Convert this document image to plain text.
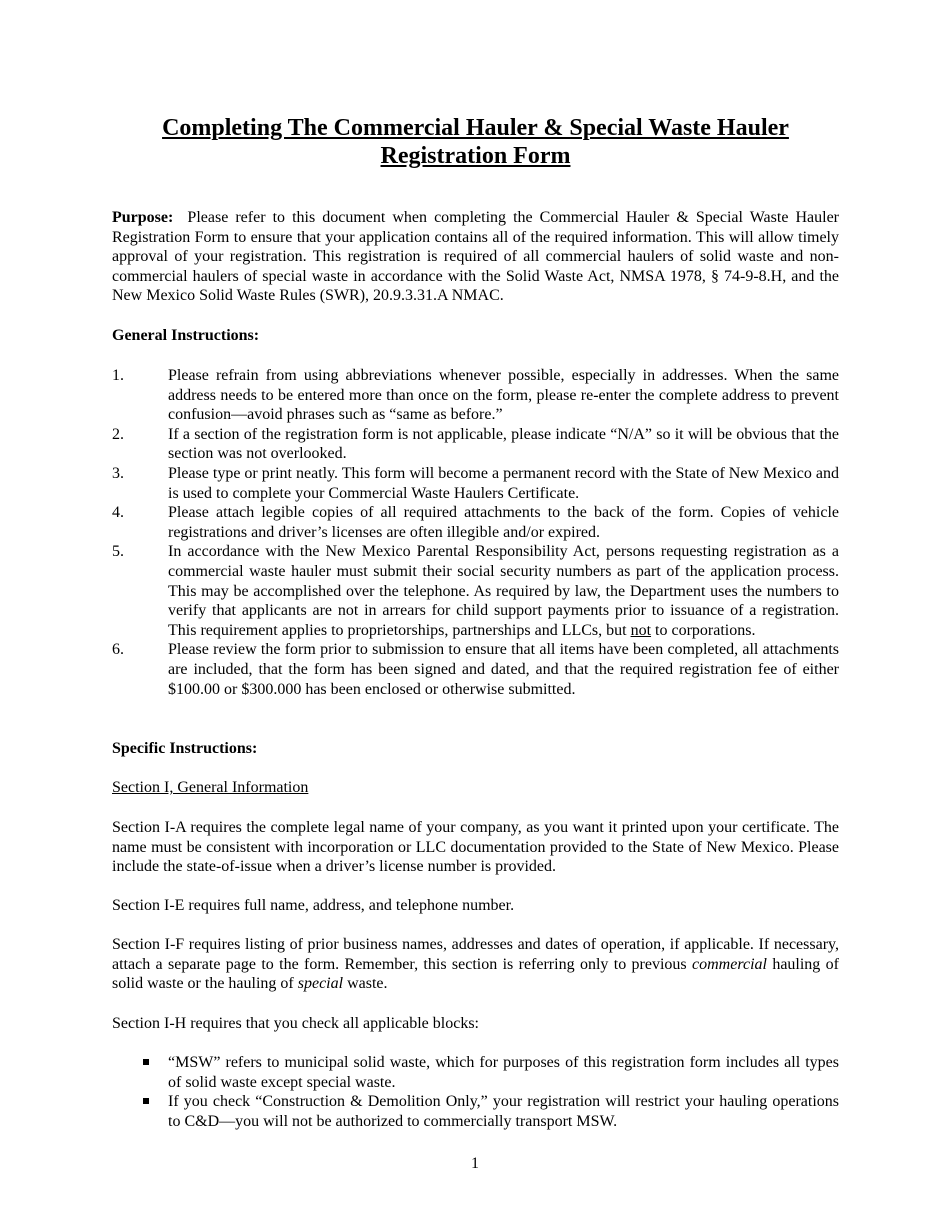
Completing The Commercial Hauler & Special Waste Hauler Registration Form
Purpose: Please refer to this document when completing the Commercial Hauler & Special Waste Hauler Registration Form to ensure that your application contains all of the required information. This will allow timely approval of your registration. This registration is required of all commercial haulers of solid waste and non-commercial haulers of special waste in accordance with the Solid Waste Act, NMSA 1978, § 74-9-8.H, and the New Mexico Solid Waste Rules (SWR), 20.9.3.31.A NMAC.
General Instructions:
1.	Please refrain from using abbreviations whenever possible, especially in addresses. When the same address needs to be entered more than once on the form, please re-enter the complete address to prevent confusion—avoid phrases such as “same as before.”
2.	If a section of the registration form is not applicable, please indicate “N/A” so it will be obvious that the section was not overlooked.
3.	Please type or print neatly. This form will become a permanent record with the State of New Mexico and is used to complete your Commercial Waste Haulers Certificate.
4.	Please attach legible copies of all required attachments to the back of the form. Copies of vehicle registrations and driver’s licenses are often illegible and/or expired.
5.	In accordance with the New Mexico Parental Responsibility Act, persons requesting registration as a commercial waste hauler must submit their social security numbers as part of the application process. This may be accomplished over the telephone. As required by law, the Department uses the numbers to verify that applicants are not in arrears for child support payments prior to issuance of a registration. This requirement applies to proprietorships, partnerships and LLCs, but not to corporations.
6.	Please review the form prior to submission to ensure that all items have been completed, all attachments are included, that the form has been signed and dated, and that the required registration fee of either $100.00 or $300.000 has been enclosed or otherwise submitted.
Specific Instructions:
Section I, General Information
Section I-A requires the complete legal name of your company, as you want it printed upon your certificate. The name must be consistent with incorporation or LLC documentation provided to the State of New Mexico. Please include the state-of-issue when a driver’s license number is provided.
Section I-E requires full name, address, and telephone number.
Section I-F requires listing of prior business names, addresses and dates of operation, if applicable. If necessary, attach a separate page to the form. Remember, this section is referring only to previous commercial hauling of solid waste or the hauling of special waste.
Section I-H requires that you check all applicable blocks:
“MSW” refers to municipal solid waste, which for purposes of this registration form includes all types of solid waste except special waste.
If you check “Construction & Demolition Only,” your registration will restrict your hauling operations to C&D—you will not be authorized to commercially transport MSW.
1
